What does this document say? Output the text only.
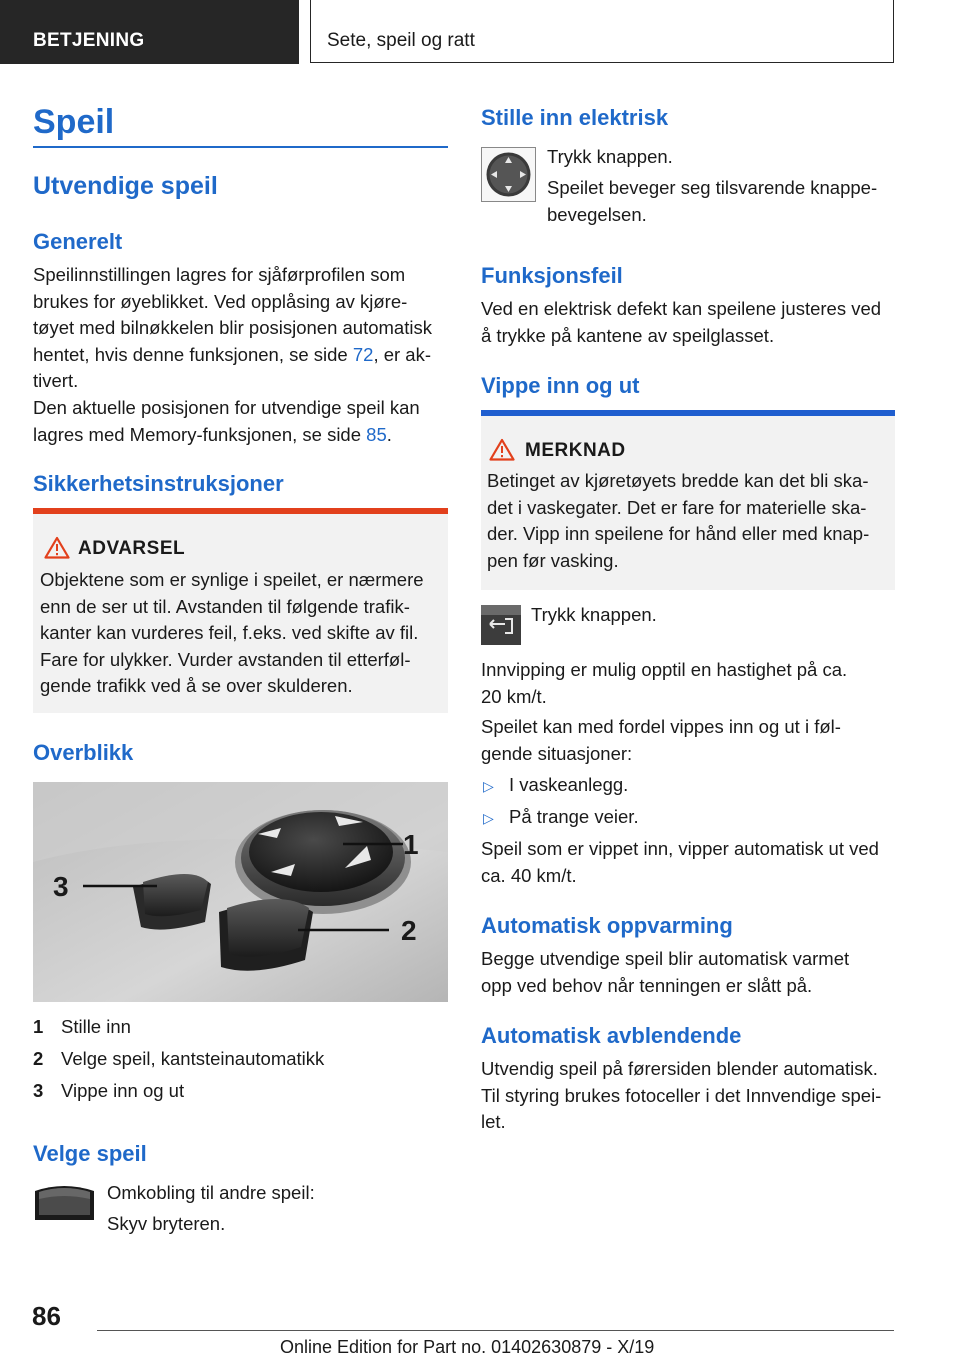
BETJENING	Sete, speil og ratt
Speil
Utvendige speil
Generelt
Speilinnstillingen lagres for sjåførprofilen som
brukes for øyeblikket. Ved opplåsing av kjøre-
tøyet med bilnøkkelen blir posisjonen automatisk
hentet, hvis denne funksjonen, se side 72, er ak-
tivert.
Den aktuelle posisjonen for utvendige speil kan
lagres med Memory-funksjonen, se side 85.
Sikkerhetsinstruksjoner
ADVARSEL
Objektene som er synlige i speilet, er nærmere
enn de ser ut til. Avstanden til følgende trafik-
kanter kan vurderes feil, f.eks. ved skifte av fil.
Fare for ulykker. Vurder avstanden til etterføl-
gende trafikk ved å se over skulderen.
Overblikk
1
2
3
1 Stille inn
2 Velge speil, kantsteinautomatikk
3 Vippe inn og ut
Velge speil
Omkobling til andre speil:
Skyv bryteren.
Stille inn elektrisk
Trykk knappen.
Speilet beveger seg tilsvarende knappe-
bevegelsen.
Funksjonsfeil
Ved en elektrisk defekt kan speilene justeres ved
å trykke på kantene av speilglasset.
Vippe inn og ut
MERKNAD
Betinget av kjøretøyets bredde kan det bli ska-
det i vaskegater. Det er fare for materielle ska-
der. Vipp inn speilene for hånd eller med knap-
pen før vasking.
Trykk knappen.
Innvipping er mulig opptil en hastighet på ca.
20 km/t.
Speilet kan med fordel vippes inn og ut i føl-
gende situasjoner:
▷ I vaskeanlegg.
▷ På trange veier.
Speil som er vippet inn, vipper automatisk ut ved
ca. 40 km/t.
Automatisk oppvarming
Begge utvendige speil blir automatisk varmet
opp ved behov når tenningen er slått på.
Automatisk avblendende
Utvendig speil på førersiden blender automatisk.
Til styring brukes fotoceller i det Innvendige spei-
let.
86
Online Edition for Part no. 01402630879 - X/19
